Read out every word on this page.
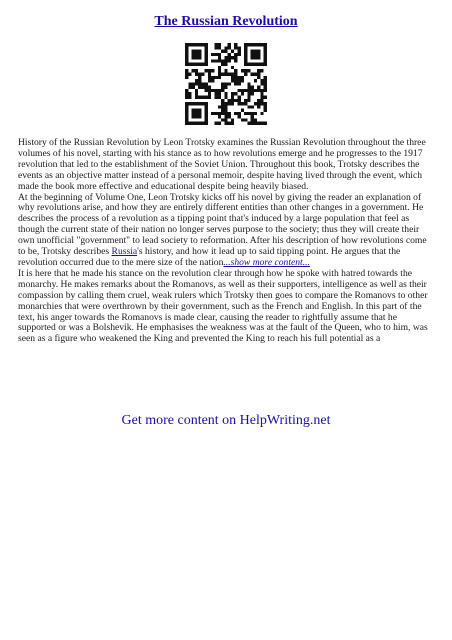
The Russian Revolution

History of the Russian Revolution by Leon Trotsky examines the Russian Revolution throughout the three volumes of his novel, starting with his stance as to how revolutions emerge and he progresses to the 1917 revolution that led to the establishment of the Soviet Union. Throughout this book, Trotsky describes the events as an objective matter instead of a personal memoir, despite having lived through the event, which made the book more effective and educational despite being heavily biased.

At the beginning of Volume One, Leon Trotsky kicks off his novel by giving the reader an explanation of why revolutions arise, and how they are entirely different entities than other changes in a government. He describes the process of a revolution as a tipping point that's induced by a large population that feel as though the current state of their nation no longer serves purpose to the society; thus they will create their own unofficial "government" to lead society to reformation. After his description of how revolutions come to be, Trotsky describes Russia's history, and how it lead up to said tipping point. He argues that the revolution occurred due to the mere size of the nation...show more content...

It is here that he made his stance on the revolution clear through how he spoke with hatred towards the monarchy. He makes remarks about the Romanovs, as well as their supporters, intelligence as well as their compassion by calling them cruel, weak rulers which Trotsky then goes to compare the Romanovs to other monarchies that were overthrown by their government, such as the French and English. In this part of the text, his anger towards the Romanovs is made clear, causing the reader to rightfully assume that he supported or was a Bolshevik. He emphasises the weakness was at the fault of the Queen, who to him, was seen as a figure who weakened the King and prevented the King to reach his full potential as a

Get more content on HelpWriting.net
